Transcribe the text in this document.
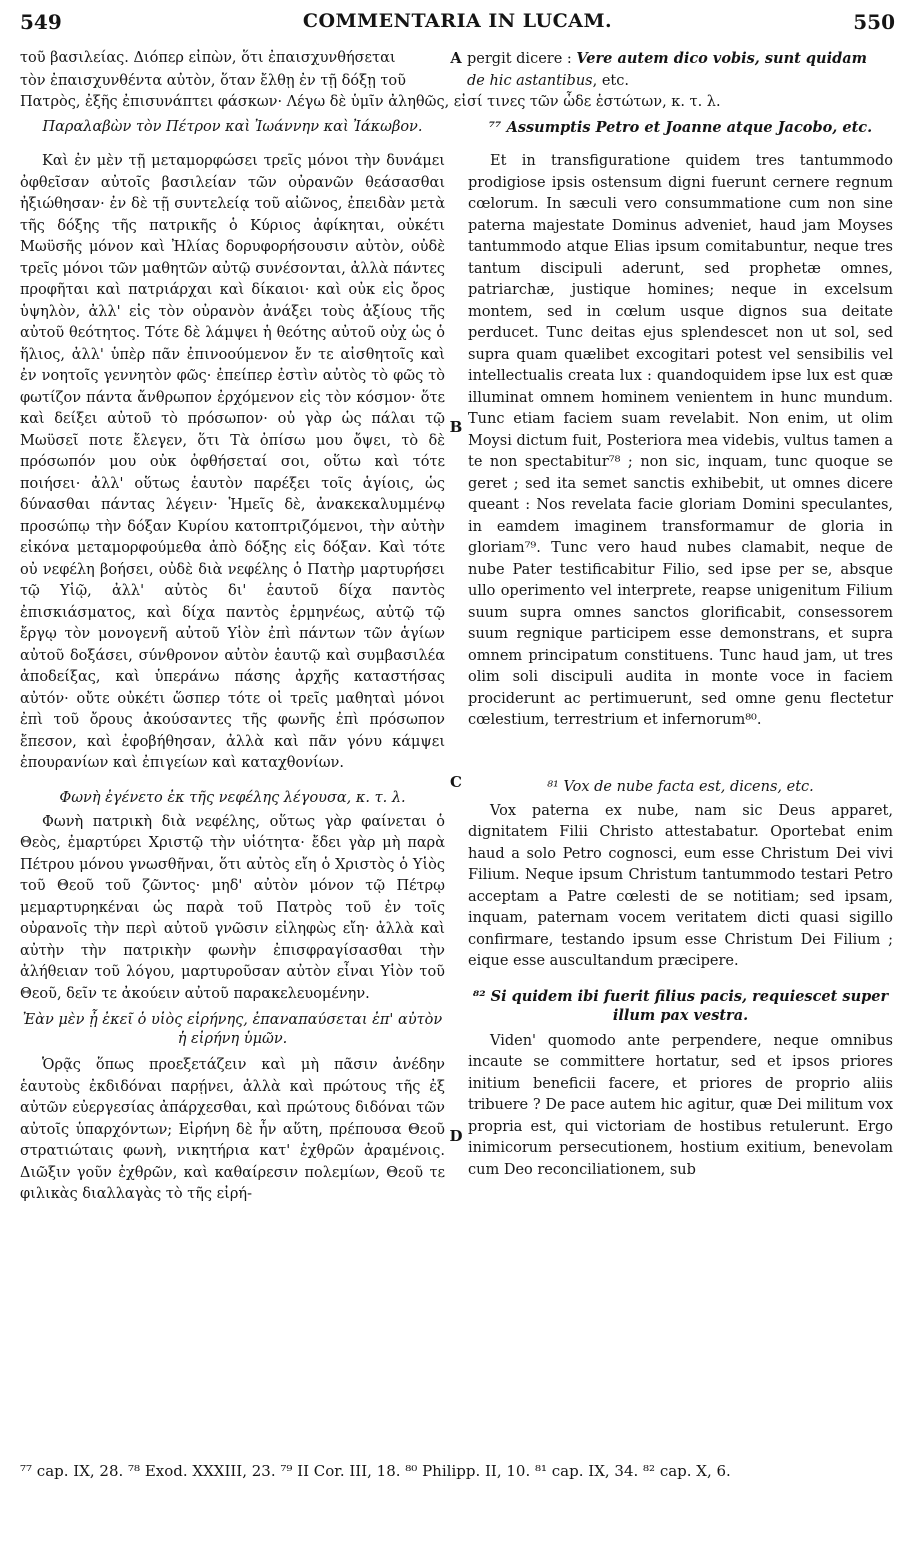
549	COMMENTARIA IN LUCAM.	550
τοῦ βασιλείας. Διόπερ εἰπὼν, ὅτι ἐπαισχυνθήσεται	A pergit dicere : Vere autem dico vobis, sunt quidam
τὸν ἐπαισχυνθέντα αὐτὸν, ὅταν ἔλθῃ ἐν τῇ δόξῃ τοῦ	de hic astantibus, etc.
Πατρὸς, ἐξῆς ἐπισυνάπτει φάσκων· Λέγω δὲ ὑμῖν ἀληθῶς, εἰσί τινες τῶν ὧδε ἑστώτων, κ. τ. λ.
Παραλαβὼν τὸν Πέτρον καὶ Ἰωάννην καὶ Ἰάκωβον.

Καὶ ἐν μὲν τῇ μεταμορφώσει τρεῖς μόνοι τὴν δυνάμει ὀφθεῖσαν αὐτοῖς βασιλείαν τῶν οὐρανῶν θεάσασθαι ἠξιώθησαν· ἐν δὲ τῇ συντελείᾳ τοῦ αἰῶνος, ἐπειδὰν μετὰ τῆς δόξης τῆς πατρικῆς ὁ Κύριος ἀφίκηται, οὐκέτι Μωϋσῆς μόνον καὶ Ἠλίας δορυφορήσουσιν αὐτὸν, οὐδὲ τρεῖς μόνοι τῶν μαθητῶν αὐτῷ συνέσονται, ἀλλὰ πάντες προφῆται καὶ πατριάρχαι καὶ δίκαιοι· καὶ οὐκ εἰς ὄρος ὑψηλὸν, ἀλλ' εἰς τὸν οὐρανὸν ἀνάξει τοὺς ἀξίους τῆς αὐτοῦ θεότητος. Τότε δὲ λάμψει ἡ θεότης αὐτοῦ οὐχ ὡς ὁ ἥλιος, ἀλλ' ὑπὲρ πᾶν ἐπινοούμενον ἔν τε αἰσθητοῖς καὶ ἐν νοητοῖς γεννητὸν φῶς· ἐπείπερ ἐστὶν αὐτὸς τὸ φῶς τὸ φωτίζον πάντα ἄνθρωπον ἐρχόμενον εἰς τὸν κόσμον· ὅτε καὶ δείξει αὐτοῦ τὸ πρόσωπον· οὐ γὰρ ὡς πάλαι τῷ Μωϋσεῖ ποτε ἔλεγεν, ὅτι Τὰ ὀπίσω μου ὄψει, τὸ δὲ πρόσωπόν μου οὐκ ὀφθήσεταί σοι, οὕτω καὶ τότε ποιήσει· ἀλλ' οὕτως ἑαυτὸν παρέξει τοῖς ἁγίοις, ὡς δύνασθαι πάντας λέγειν· Ἡμεῖς δὲ, ἀνακεκαλυμμένῳ προσώπῳ τὴν δόξαν Κυρίου κατοπτριζόμενοι, τὴν αὐτὴν εἰκόνα μεταμορφούμεθα ἀπὸ δόξης εἰς δόξαν. Καὶ τότε οὐ νεφέλη βοήσει, οὐδὲ διὰ νεφέλης ὁ Πατὴρ μαρτυρήσει τῷ Υἱῷ, ἀλλ' αὐτὸς δι' ἑαυτοῦ δίχα παντὸς ἐπισκιάσματος, καὶ δίχα παντὸς ἑρμηνέως, αὐτῷ τῷ ἔργῳ τὸν μονογενῆ αὐτοῦ Υἱὸν ἐπὶ πάντων τῶν ἁγίων αὐτοῦ δοξάσει, σύνθρονον αὐτὸν ἑαυτῷ καὶ συμβασιλέα ἀποδείξας, καὶ ὑπεράνω πάσης ἀρχῆς καταστήσας αὐτόν· οὔτε οὐκέτι ὥσπερ τότε οἱ τρεῖς μαθηταὶ μόνοι ἐπὶ τοῦ ὄρους ἀκούσαντες τῆς φωνῆς ἐπὶ πρόσωπον ἔπεσον, καὶ ἐφοβήθησαν, ἀλλὰ καὶ πᾶν γόνυ κάμψει ἐπουρανίων καὶ ἐπιγείων καὶ καταχθονίων.

Φωνὴ ἐγένετο ἐκ τῆς νεφέλης λέγουσα, κ. τ. λ.

Φωνὴ πατρικὴ διὰ νεφέλης, οὕτως γὰρ φαίνεται ὁ Θεὸς, ἐμαρτύρει Χριστῷ τὴν υἱότητα· ἔδει γὰρ μὴ παρὰ Πέτρου μόνου γνωσθῆναι, ὅτι αὐτὸς εἴη ὁ Χριστὸς ὁ Υἱὸς τοῦ Θεοῦ τοῦ ζῶντος· μηδ' αὐτὸν μόνον τῷ Πέτρῳ μεμαρτυρηκέναι ὡς παρὰ τοῦ Πατρὸς τοῦ ἐν τοῖς οὐρανοῖς τὴν περὶ αὐτοῦ γνῶσιν εἰληφὼς εἴη· ἀλλὰ καὶ αὐτὴν τὴν πατρικὴν φωνὴν ἐπισφραγίσασθαι τὴν ἀλήθειαν τοῦ λόγου, μαρτυροῦσαν αὐτὸν εἶναι Υἱὸν τοῦ Θεοῦ, δεῖν τε ἀκούειν αὐτοῦ παρακελευομένην.

Ἐὰν μὲν ᾖ ἐκεῖ ὁ υἱὸς εἰρήνης, ἐπαναπαύσεται ἐπ' αὐτὸν ἡ εἰρήνη ὑμῶν.

Ὁρᾷς ὅπως προεξετάζειν καὶ μὴ πᾶσιν ἀνέδην ἑαυτοὺς ἐκδιδόναι παρῄνει, ἀλλὰ καὶ πρώτους τῆς ἐξ αὐτῶν εὐεργεσίας ἀπάρχεσθαι, καὶ πρώτους διδόναι τῶν αὐτοῖς ὑπαρχόντων; Εἰρήνη δὲ ἦν αὕτη, πρέπουσα Θεοῦ στρατιώταις φωνὴ, νικητήρια κατ' ἐχθρῶν ἀραμένοις. Διῶξιν γοῦν ἐχθρῶν, καὶ καθαίρεσιν πολεμίων, Θεοῦ τε φιλικὰς διαλλαγὰς τὸ τῆς εἰρή-

B
C
D
⁷⁷ Assumptis Petro et Joanne atque Jacobo, etc.

Et in transfiguratione quidem tres tantummodo prodigiose ipsis ostensum digni fuerunt cernere regnum cœlorum. In sæculi vero consummatione cum non sine paterna majestate Dominus adveniet, haud jam Moyses tantummodo atque Elias ipsum comitabuntur, neque tres tantum discipuli aderunt, sed prophetæ omnes, patriarchæ, justique homines; neque in excelsum montem, sed in cœlum usque dignos sua deitate perducet. Tunc deitas ejus splendescet non ut sol, sed supra quam quælibet excogitari potest vel sensibilis vel intellectualis creata lux : quandoquidem ipse lux est quæ illuminat omnem hominem venientem in hunc mundum. Tunc etiam faciem suam revelabit. Non enim, ut olim Moysi dictum fuit, Posteriora mea videbis, vultus tamen a te non spectabitur⁷⁸ ; non sic, inquam, tunc quoque se geret ; sed ita semet sanctis exhibebit, ut omnes dicere queant : Nos revelata facie gloriam Domini speculantes, in eamdem imaginem transformamur de gloria in gloriam⁷⁹. Tunc vero haud nubes clamabit, neque de nube Pater testificabitur Filio, sed ipse per se, absque ullo operimento vel interprete, reapse unigenitum Filium suum supra omnes sanctos glorificabit, consessorem suum regnique participem esse demonstrans, et supra omnem principatum constituens. Tunc haud jam, ut tres olim soli discipuli audita in monte voce in faciem prociderunt ac pertimuerunt, sed omne genu flectetur cœlestium, terrestrium et infernorum⁸⁰.

⁸¹ Vox de nube facta est, dicens, etc.

Vox paterna ex nube, nam sic Deus apparet, dignitatem Filii Christo attestabatur. Oportebat enim haud a solo Petro cognosci, eum esse Christum Dei vivi Filium. Neque ipsum Christum tantummodo testari Petro acceptam a Patre cœlesti de se notitiam; sed ipsam, inquam, paternam vocem veritatem dicti quasi sigillo confirmare, testando ipsum esse Christum Dei Filium ; eique esse auscultandum præcipere.

⁸² Si quidem ibi fuerit filius pacis, requiescet super illum pax vestra.

Viden' quomodo ante perpendere, neque omnibus incaute se committere hortatur, sed et ipsos priores initium beneficii facere, et priores de proprio aliis tribuere ? De pace autem hic agitur, quæ Dei militum vox propria est, qui victoriam de hostibus retulerunt. Ergo inimicorum persecutionem, hostium exitium, benevolam cum Deo reconciliationem, sub

⁷⁷ cap. IX, 28. ⁷⁸ Exod. XXXIII, 23. ⁷⁹ II Cor. III, 18. ⁸⁰ Philipp. II, 10. ⁸¹ cap. IX, 34. ⁸² cap. X, 6.
